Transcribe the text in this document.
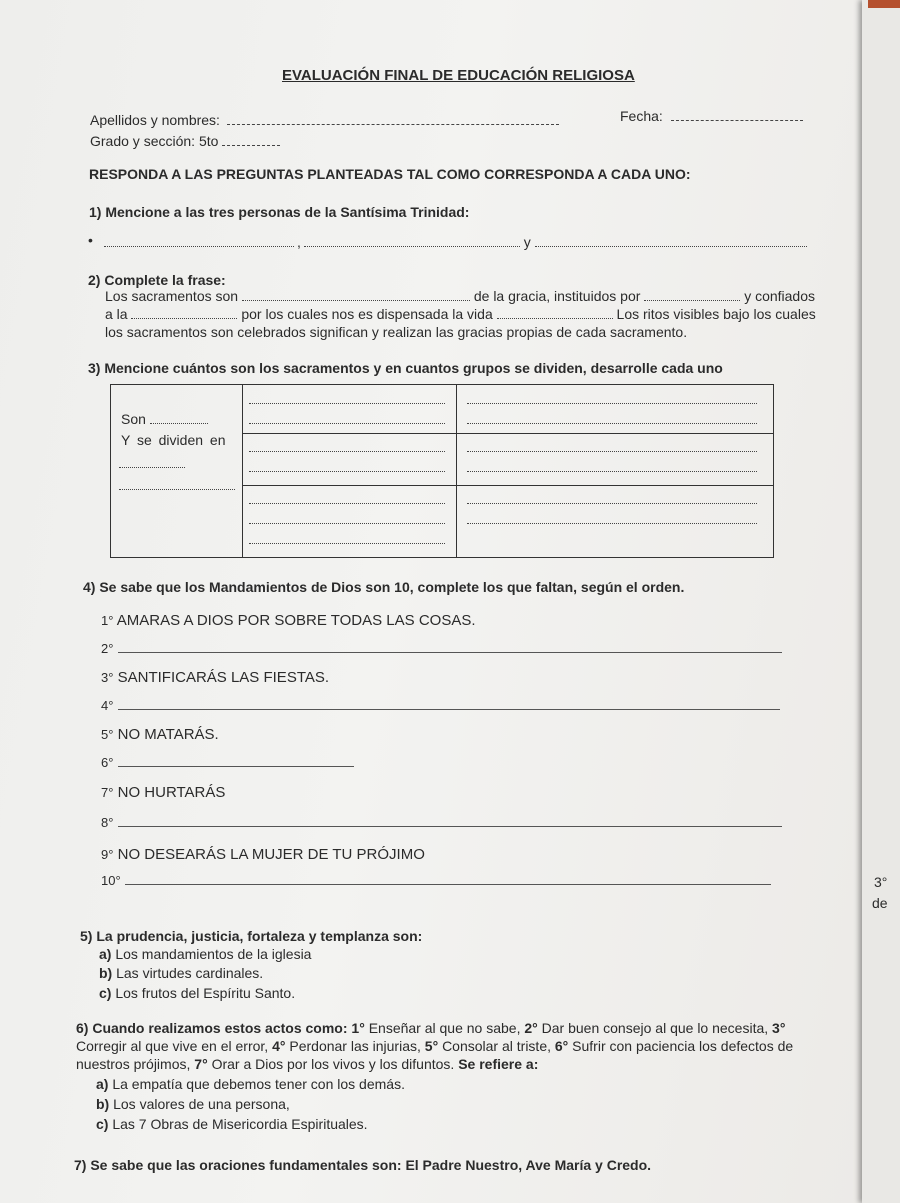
EVALUACIÓN FINAL DE EDUCACIÓN RELIGIOSA
Apellidos y nombres:	Fecha:
Grado y sección: 5to
RESPONDA A LAS PREGUNTAS PLANTEADAS TAL COMO CORRESPONDA A CADA UNO:
1) Mencione a las tres personas de la Santísima Trinidad:
•	,	y
2) Complete la frase:
Los sacramentos son	de la gracia, instituidos por	y confiados
a la	por los cuales nos es dispensada la vida	Los ritos visibles bajo los cuales
los sacramentos son celebrados significan y realizan las gracias propias de cada sacramento.
3) Mencione cuántos son los sacramentos y en cuantos grupos se dividen, desarrolle cada uno
Son
Y se dividen en
4) Se sabe que los Mandamientos de Dios son 10, complete los que faltan, según el orden.
1° AMARAS A DIOS POR SOBRE TODAS LAS COSAS.
2°
3° SANTIFICARÁS LAS FIESTAS.
4°
5° NO MATARÁS.
6°
7° NO HURTARÁS
8°
9° NO DESEARÁS LA MUJER DE TU PRÓJIMO
10°	3°
de
5) La prudencia, justicia, fortaleza y templanza son:
a) Los mandamientos de la iglesia
b) Las virtudes cardinales.
c) Los frutos del Espíritu Santo.
6) Cuando realizamos estos actos como: 1° Enseñar al que no sabe, 2° Dar buen consejo al que lo necesita, 3°
Corregir al que vive en el error, 4° Perdonar las injurias, 5° Consolar al triste, 6° Sufrir con paciencia los defectos de
nuestros prójimos, 7° Orar a Dios por los vivos y los difuntos. Se refiere a:
a) La empatía que debemos tener con los demás.
b) Los valores de una persona,
c) Las 7 Obras de Misericordia Espirituales.
7) Se sabe que las oraciones fundamentales son: El Padre Nuestro, Ave María y Credo.
